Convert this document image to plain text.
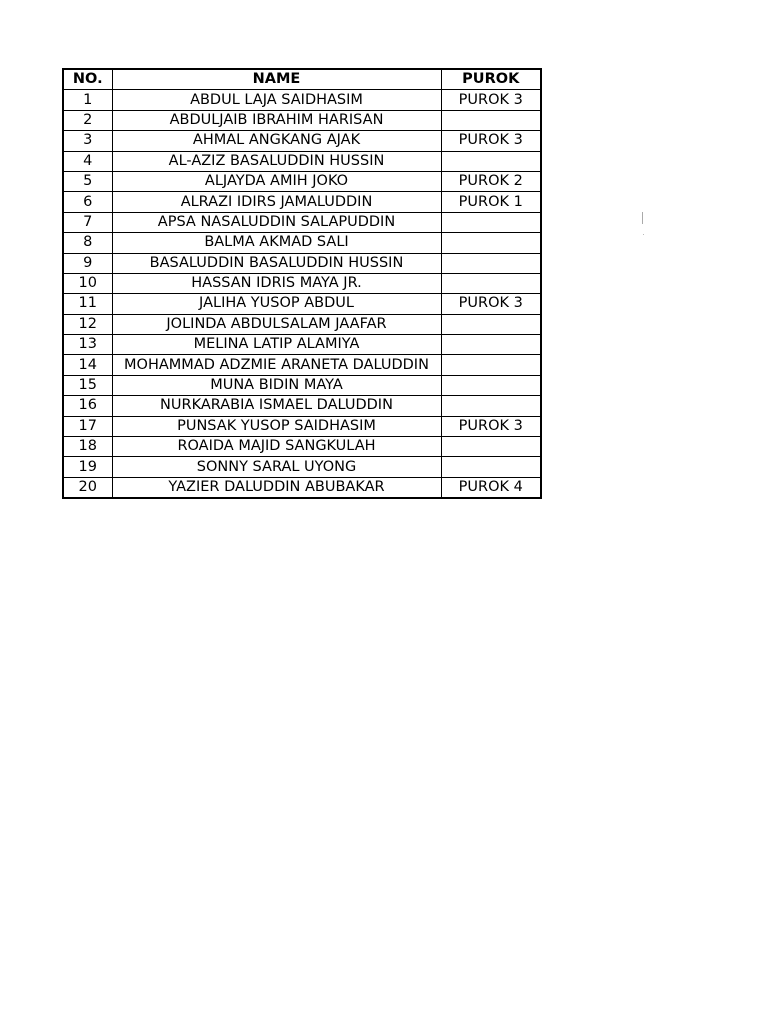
NO.	NAME	PUROK
1	ABDUL LAJA SAIDHASIM	PUROK 3
2	ABDULJAIB IBRAHIM HARISAN	
3	AHMAL ANGKANG AJAK	PUROK 3
4	AL-AZIZ BASALUDDIN HUSSIN	
5	ALJAYDA AMIH JOKO	PUROK 2
6	ALRAZI IDIRS JAMALUDDIN	PUROK 1
7	APSA NASALUDDIN SALAPUDDIN	
8	BALMA AKMAD SALI	
9	BASALUDDIN BASALUDDIN HUSSIN	
10	HASSAN IDRIS MAYA JR.	
11	JALIHA YUSOP ABDUL	PUROK 3
12	JOLINDA ABDULSALAM JAAFAR	
13	MELINA LATIP ALAMIYA	
14	MOHAMMAD ADZMIE ARANETA DALUDDIN	
15	MUNA BIDIN MAYA	
16	NURKARABIA ISMAEL DALUDDIN	
17	PUNSAK YUSOP SAIDHASIM	PUROK 3
18	ROAIDA MAJID SANGKULAH	
19	SONNY SARAL UYONG	
20	YAZIER DALUDDIN ABUBAKAR	PUROK 4
